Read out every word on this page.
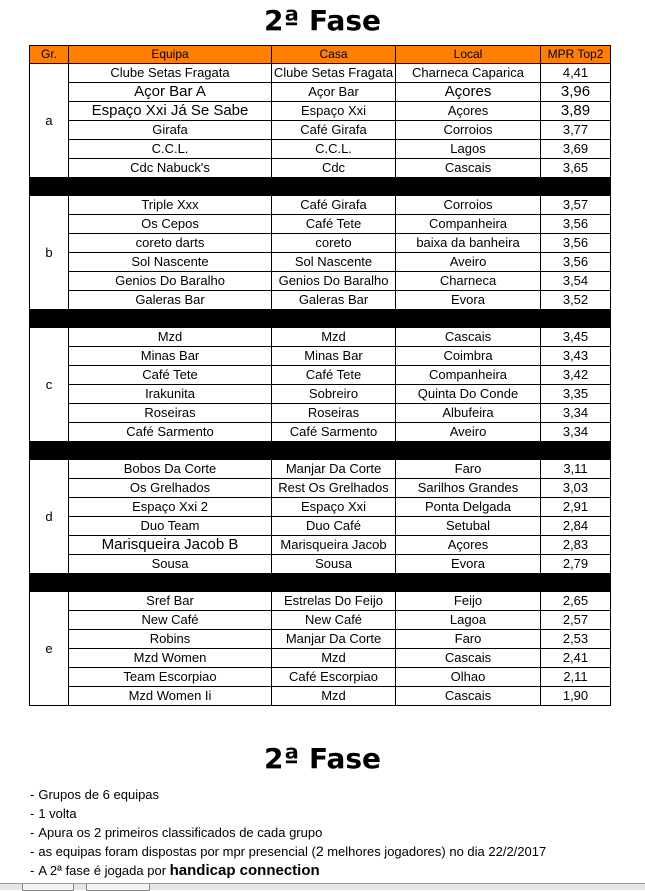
2ª Fase
Gr.	Equipa	Casa	Local	MPR Top2
a	Clube Setas Fragata	Clube Setas Fragata	Charneca Caparica	4,41
	Açor Bar A	Açor Bar	Açores	3,96
	Espaço Xxi Já Se Sabe	Espaço Xxi	Açores	3,89
	Girafa	Café Girafa	Corroios	3,77
	C.C.L.	C.C.L.	Lagos	3,69
	Cdc Nabuck's	Cdc	Cascais	3,65

b	Triple Xxx	Café Girafa	Corroios	3,57
	Os Cepos	Café Tete	Companheira	3,56
	coreto darts	coreto	baixa da banheira	3,56
	Sol Nascente	Sol Nascente	Aveiro	3,56
	Genios Do Baralho	Genios Do Baralho	Charneca	3,54
	Galeras Bar	Galeras Bar	Evora	3,52

c	Mzd	Mzd	Cascais	3,45
	Minas Bar	Minas Bar	Coimbra	3,43
	Café Tete	Café Tete	Companheira	3,42
	Irakunita	Sobreiro	Quinta Do Conde	3,35
	Roseiras	Roseiras	Albufeira	3,34
	Café Sarmento	Café Sarmento	Aveiro	3,34

d	Bobos Da Corte	Manjar Da Corte	Faro	3,11
	Os Grelhados	Rest Os Grelhados	Sarilhos Grandes	3,03
	Espaço Xxi 2	Espaço Xxi	Ponta Delgada	2,91
	Duo Team	Duo Café	Setubal	2,84
	Marisqueira Jacob B	Marisqueira Jacob	Açores	2,83
	Sousa	Sousa	Evora	2,79

e	Sref Bar	Estrelas Do Feijo	Feijo	2,65
	New Café	New Café	Lagoa	2,57
	Robins	Manjar Da Corte	Faro	2,53
	Mzd Women	Mzd	Cascais	2,41
	Team Escorpiao	Café Escorpiao	Olhao	2,11
	Mzd Women Ii	Mzd	Cascais	1,90
2ª Fase
- Grupos de 6 equipas
- 1 volta
- Apura os 2 primeiros classificados de cada grupo
- as equipas foram dispostas por mpr presencial (2 melhores jogadores) no dia 22/2/2017
- A 2ª fase é jogada por handicap connection
